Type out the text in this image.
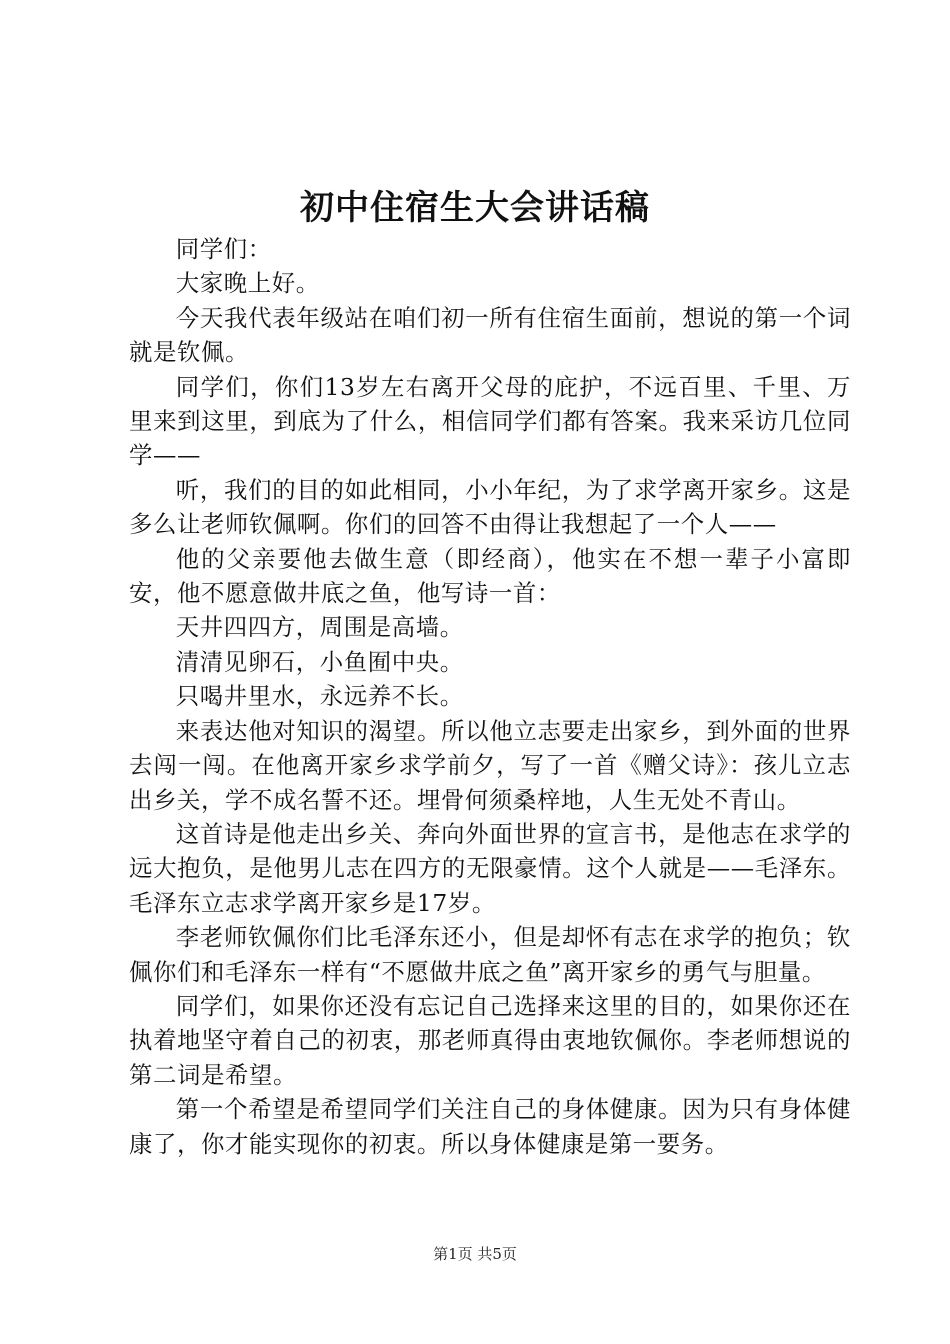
初中住宿生大会讲话稿

同学们：

大家晚上好。

今天我代表年级站在咱们初一所有住宿生面前，想说的第一个词就是钦佩。

同学们，你们13岁左右离开父母的庇护，不远百里、千里、万里来到这里，到底为了什么，相信同学们都有答案。我来采访几位同学——

听，我们的目的如此相同，小小年纪，为了求学离开家乡。这是多么让老师钦佩啊。你们的回答不由得让我想起了一个人——

他的父亲要他去做生意（即经商），他实在不想一辈子小富即安，他不愿意做井底之鱼，他写诗一首：

天井四四方，周围是高墙。

清清见卵石，小鱼囿中央。

只喝井里水，永远养不长。

来表达他对知识的渴望。所以他立志要走出家乡，到外面的世界去闯一闯。在他离开家乡求学前夕，写了一首《赠父诗》：孩儿立志出乡关，学不成名誓不还。埋骨何须桑梓地，人生无处不青山。

这首诗是他走出乡关、奔向外面世界的宣言书，是他志在求学的远大抱负，是他男儿志在四方的无限豪情。这个人就是——毛泽东。毛泽东立志求学离开家乡是17岁。

李老师钦佩你们比毛泽东还小，但是却怀有志在求学的抱负；钦佩你们和毛泽东一样有“不愿做井底之鱼”离开家乡的勇气与胆量。

同学们，如果你还没有忘记自己选择来这里的目的，如果你还在执着地坚守着自己的初衷，那老师真得由衷地钦佩你。李老师想说的第二词是希望。

第一个希望是希望同学们关注自己的身体健康。因为只有身体健康了，你才能实现你的初衷。所以身体健康是第一要务。

第1页 共5页
